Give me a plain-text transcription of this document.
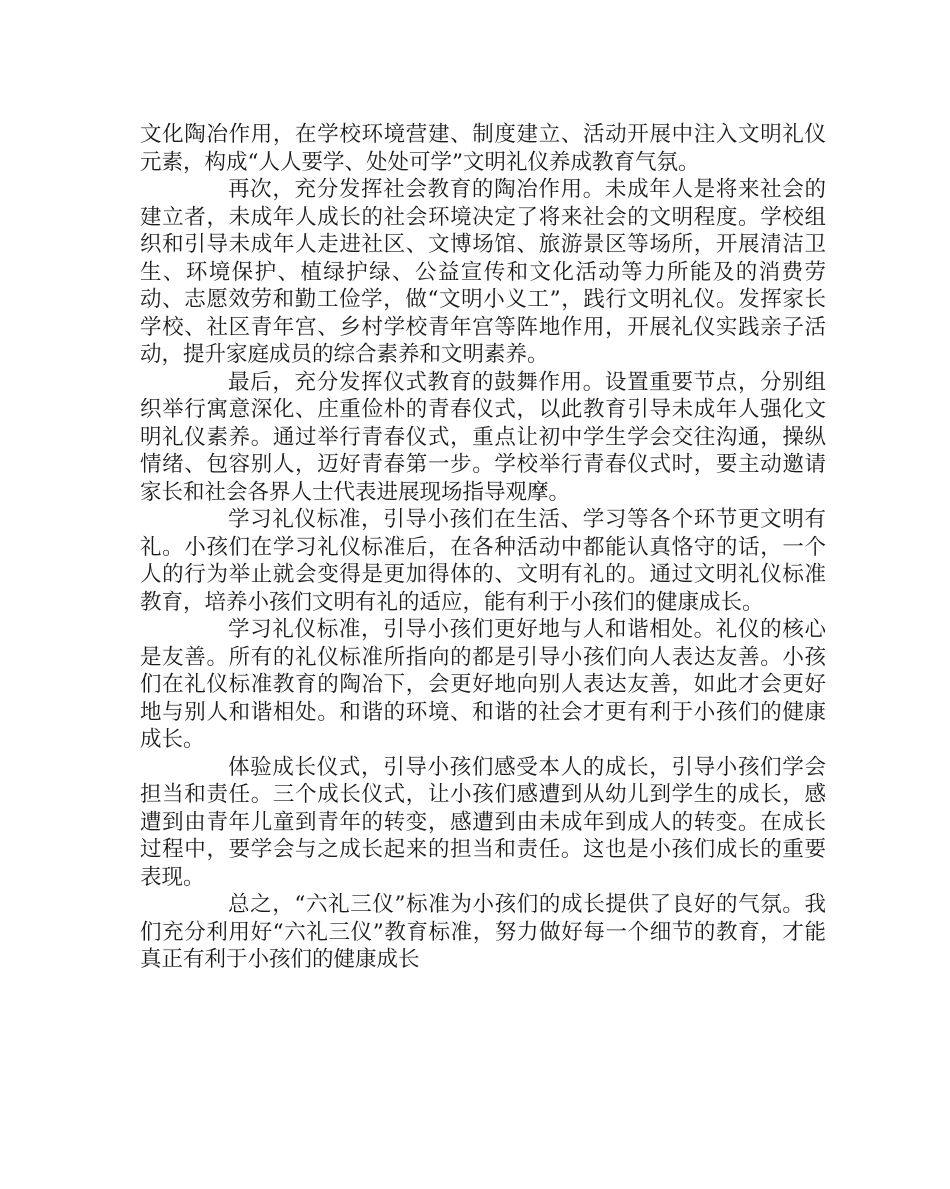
文化陶冶作用，在学校环境营建、制度建立、活动开展中注入文明礼仪元素，构成“人人要学、处处可学”文明礼仪养成教育气氛。

再次，充分发挥社会教育的陶冶作用。未成年人是将来社会的建立者，未成年人成长的社会环境决定了将来社会的文明程度。学校组织和引导未成年人走进社区、文博场馆、旅游景区等场所，开展清洁卫生、环境保护、植绿护绿、公益宣传和文化活动等力所能及的消费劳动、志愿效劳和勤工俭学，做“文明小义工”，践行文明礼仪。发挥家长学校、社区青年宫、乡村学校青年宫等阵地作用，开展礼仪实践亲子活动，提升家庭成员的综合素养和文明素养。

最后，充分发挥仪式教育的鼓舞作用。设置重要节点，分别组织举行寓意深化、庄重俭朴的青春仪式，以此教育引导未成年人强化文明礼仪素养。通过举行青春仪式，重点让初中学生学会交往沟通，操纵情绪、包容别人，迈好青春第一步。学校举行青春仪式时，要主动邀请家长和社会各界人士代表进展现场指导观摩。

学习礼仪标准，引导小孩们在生活、学习等各个环节更文明有礼。小孩们在学习礼仪标准后，在各种活动中都能认真恪守的话，一个人的行为举止就会变得是更加得体的、文明有礼的。通过文明礼仪标准教育，培养小孩们文明有礼的适应，能有利于小孩们的健康成长。

学习礼仪标准，引导小孩们更好地与人和谐相处。礼仪的核心是友善。所有的礼仪标准所指向的都是引导小孩们向人表达友善。小孩们在礼仪标准教育的陶冶下，会更好地向别人表达友善，如此才会更好地与别人和谐相处。和谐的环境、和谐的社会才更有利于小孩们的健康成长。

体验成长仪式，引导小孩们感受本人的成长，引导小孩们学会担当和责任。三个成长仪式，让小孩们感遭到从幼儿到学生的成长，感遭到由青年儿童到青年的转变，感遭到由未成年到成人的转变。在成长过程中，要学会与之成长起来的担当和责任。这也是小孩们成长的重要表现。

总之，“六礼三仪”标准为小孩们的成长提供了良好的气氛。我们充分利用好“六礼三仪”教育标准，努力做好每一个细节的教育，才能真正有利于小孩们的健康成长
